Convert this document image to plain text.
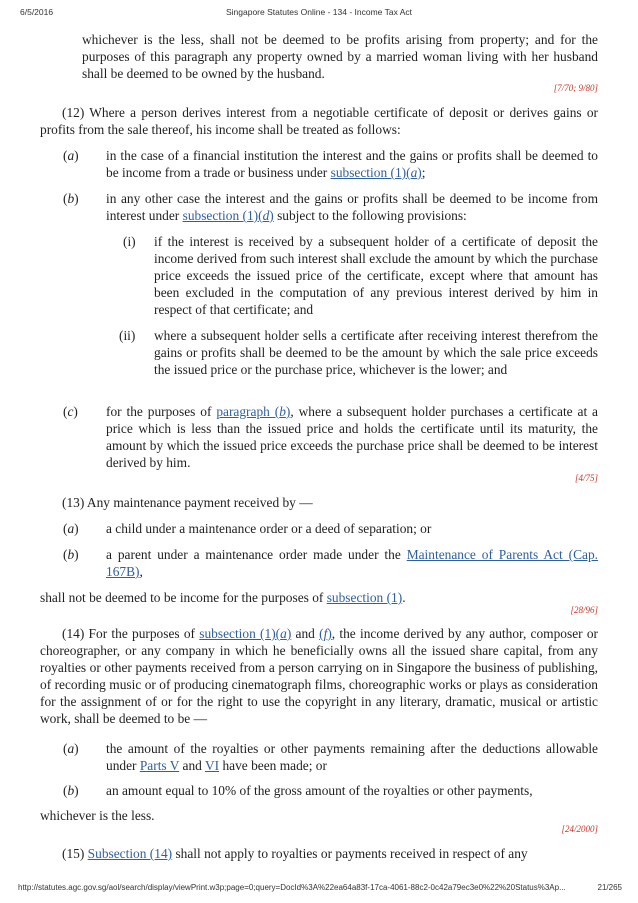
6/5/2016	Singapore Statutes Online - 134 - Income Tax Act
whichever is the less, shall not be deemed to be profits arising from property; and for the purposes of this paragraph any property owned by a married woman living with her husband shall be deemed to be owned by the husband.
[7/70; 9/80]
(12) Where a person derives interest from a negotiable certificate of deposit or derives gains or profits from the sale thereof, his income shall be treated as follows:
(a) in the case of a financial institution the interest and the gains or profits shall be deemed to be income from a trade or business under subsection (1)(a);
(b) in any other case the interest and the gains or profits shall be deemed to be income from interest under subsection (1)(d) subject to the following provisions:
(i) if the interest is received by a subsequent holder of a certificate of deposit the income derived from such interest shall exclude the amount by which the purchase price exceeds the issued price of the certificate, except where that amount has been excluded in the computation of any previous interest derived by him in respect of that certificate; and
(ii) where a subsequent holder sells a certificate after receiving interest therefrom the gains or profits shall be deemed to be the amount by which the sale price exceeds the issued price or the purchase price, whichever is the lower; and
(c) for the purposes of paragraph (b), where a subsequent holder purchases a certificate at a price which is less than the issued price and holds the certificate until its maturity, the amount by which the issued price exceeds the purchase price shall be deemed to be interest derived by him.
[4/75]
(13) Any maintenance payment received by —
(a) a child under a maintenance order or a deed of separation; or
(b) a parent under a maintenance order made under the Maintenance of Parents Act (Cap. 167B),
shall not be deemed to be income for the purposes of subsection (1).
[28/96]
(14) For the purposes of subsection (1)(a) and (f), the income derived by any author, composer or choreographer, or any company in which he beneficially owns all the issued share capital, from any royalties or other payments received from a person carrying on in Singapore the business of publishing, of recording music or of producing cinematograph films, choreographic works or plays as consideration for the assignment of or for the right to use the copyright in any literary, dramatic, musical or artistic work, shall be deemed to be —
(a) the amount of the royalties or other payments remaining after the deductions allowable under Parts V and VI have been made; or
(b) an amount equal to 10% of the gross amount of the royalties or other payments,
whichever is the less.
[24/2000]
(15) Subsection (14) shall not apply to royalties or payments received in respect of any
http://statutes.agc.gov.sg/aol/search/display/viewPrint.w3p;page=0;query=DocId%3A%22ea64a83f-17ca-4061-88c2-0c42a79ec3e0%22%20Status%3Ap...	21/265
